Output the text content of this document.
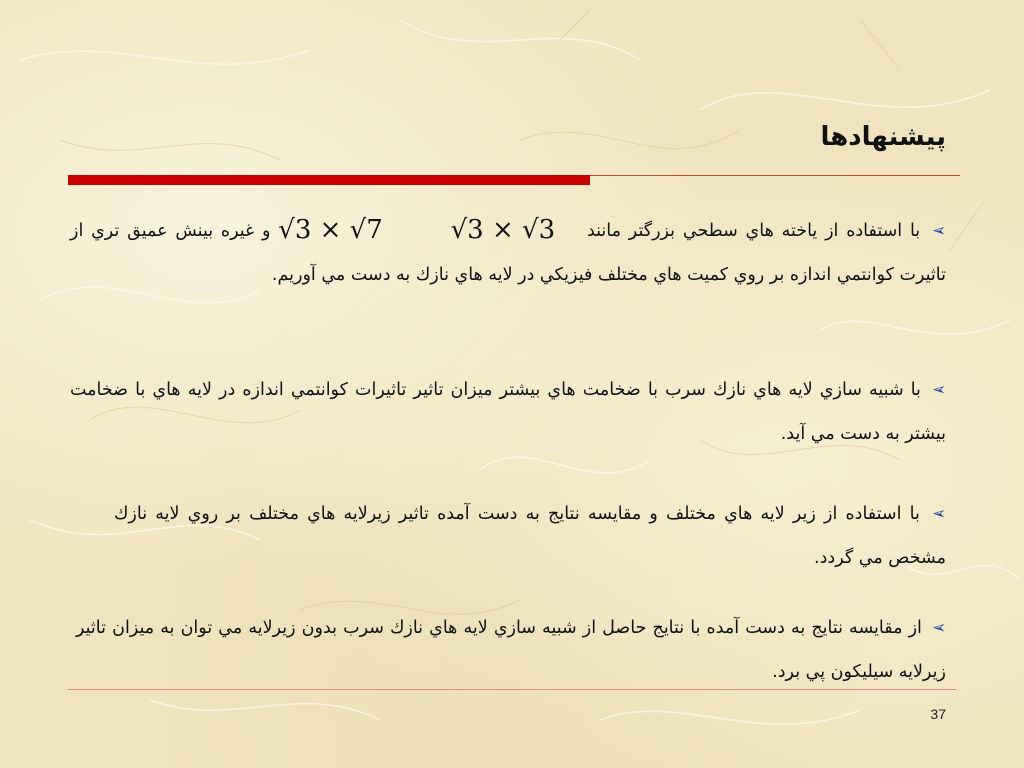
پیشنهادها
➢ با استفاده از ياخته هاي سطحي بزرگتر مانند √3 × √3 √3 × √7 و غيره بينش عميق تري از تاثيرت كوانتمي اندازه بر روي كميت هاي مختلف فيزيكي در لايه هاي نازك به دست مي آوريم.
➢ با شبيه سازي لايه هاي نازك سرب با ضخامت هاي بيشتر ميزان تاثير تاثيرات كوانتمي اندازه در لايه هاي با ضخامت بيشتر به دست مي آيد.
➢ با استفاده از زير لايه هاي مختلف و مقايسه نتايج به دست آمده تاثير زيرلايه هاي مختلف بر روي لايه نازك مشخص مي گردد.
➢ از مقايسه نتايج به دست آمده با نتايج حاصل از شبيه سازي لايه هاي نازك سرب بدون زيرلايه مي توان به ميزان تاثير زيرلايه سيليكون پي برد.
37
